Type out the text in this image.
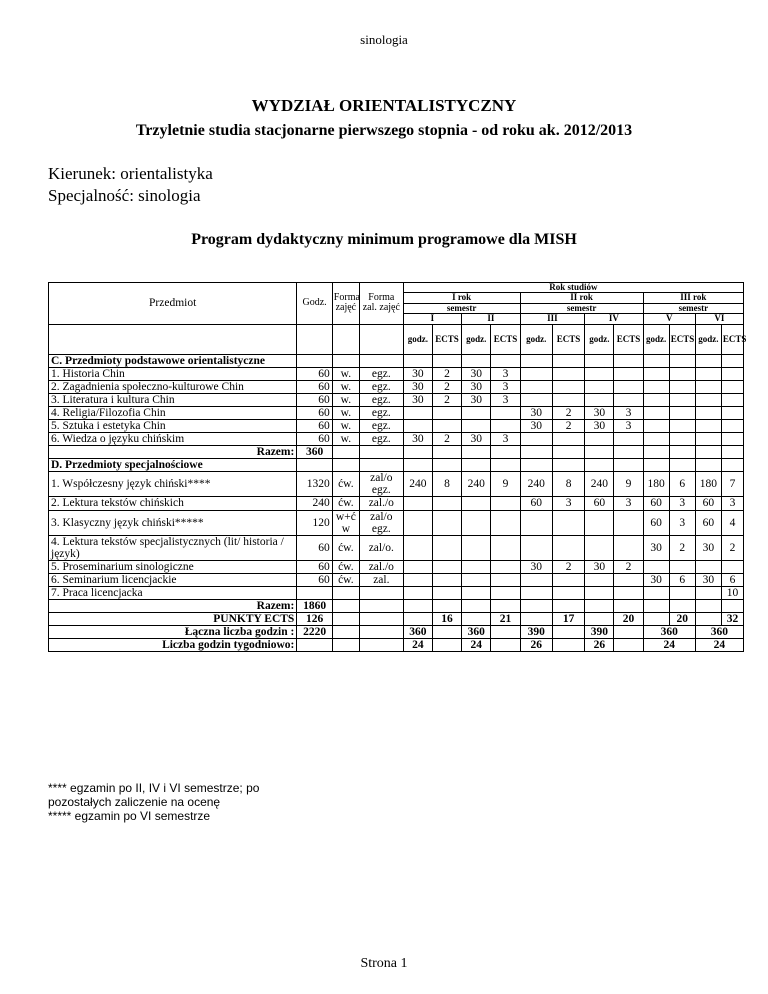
sinologia
WYDZIAŁ ORIENTALISTYCZNY
Trzyletnie studia stacjonarne pierwszego stopnia - od roku ak. 2012/2013
Kierunek: orientalistyka
Specjalność: sinologia
Program dydaktyczny minimum programowe dla MISH
Przedmiot	Godz.	Forma zajęć	Forma zal. zajęć	Rok studiów											
				I rok				II rok				III rok			
				semestr				semestr				semestr			
				I		II		III		IV		V		VI	
				godz.	ECTS	godz.	ECTS	godz.	ECTS	godz.	ECTS	godz.	ECTS	godz.	ECTS
C. Przedmioty podstawowe orientalistyczne															
1. Historia Chin	60	w.	egz.	30	2	30	3								
2. Zagadnienia społeczno-kulturowe Chin	60	w.	egz.	30	2	30	3								
3. Literatura i kultura Chin	60	w.	egz.	30	2	30	3								
4. Religia/Filozofia Chin	60	w.	egz.					30	2	30	3				
5. Sztuka i estetyka Chin	60	w.	egz.					30	2	30	3				
6. Wiedza o języku chińskim	60	w.	egz.	30	2	30	3								
Razem:	360														
D. Przedmioty specjalnościowe															
1. Współczesny język chiński****	1320	ćw.	zal/o egz.	240	8	240	9	240	8	240	9	180	6	180	7
2. Lektura tekstów chińskich	240	ćw.	zal./o					60	3	60	3	60	3	60	3
3. Klasyczny język chiński*****	120	w+ć w	zal/o egz.									60	3	60	4
4. Lektura tekstów specjalistycznych (lit/ historia / język)	60	ćw.	zal/o.									30	2	30	2
5. Proseminarium sinologiczne	60	ćw.	zal./o					30	2	30	2				
6. Seminarium licencjackie	60	ćw.	zal.									30	6	30	6
7. Praca licencjacka															10
Razem:	1860														
PUNKTY ECTS	126				16		21		17		20		20		32
Łączna liczba godzin :	2220			360		360		390		390		360		360	
Liczba godzin tygodniowo:				24		24		26		26		24		24	
**** egzamin po II, IV i VI semestrze; po
pozostałych zaliczenie na ocenę
***** egzamin po VI semestrze
Strona 1
